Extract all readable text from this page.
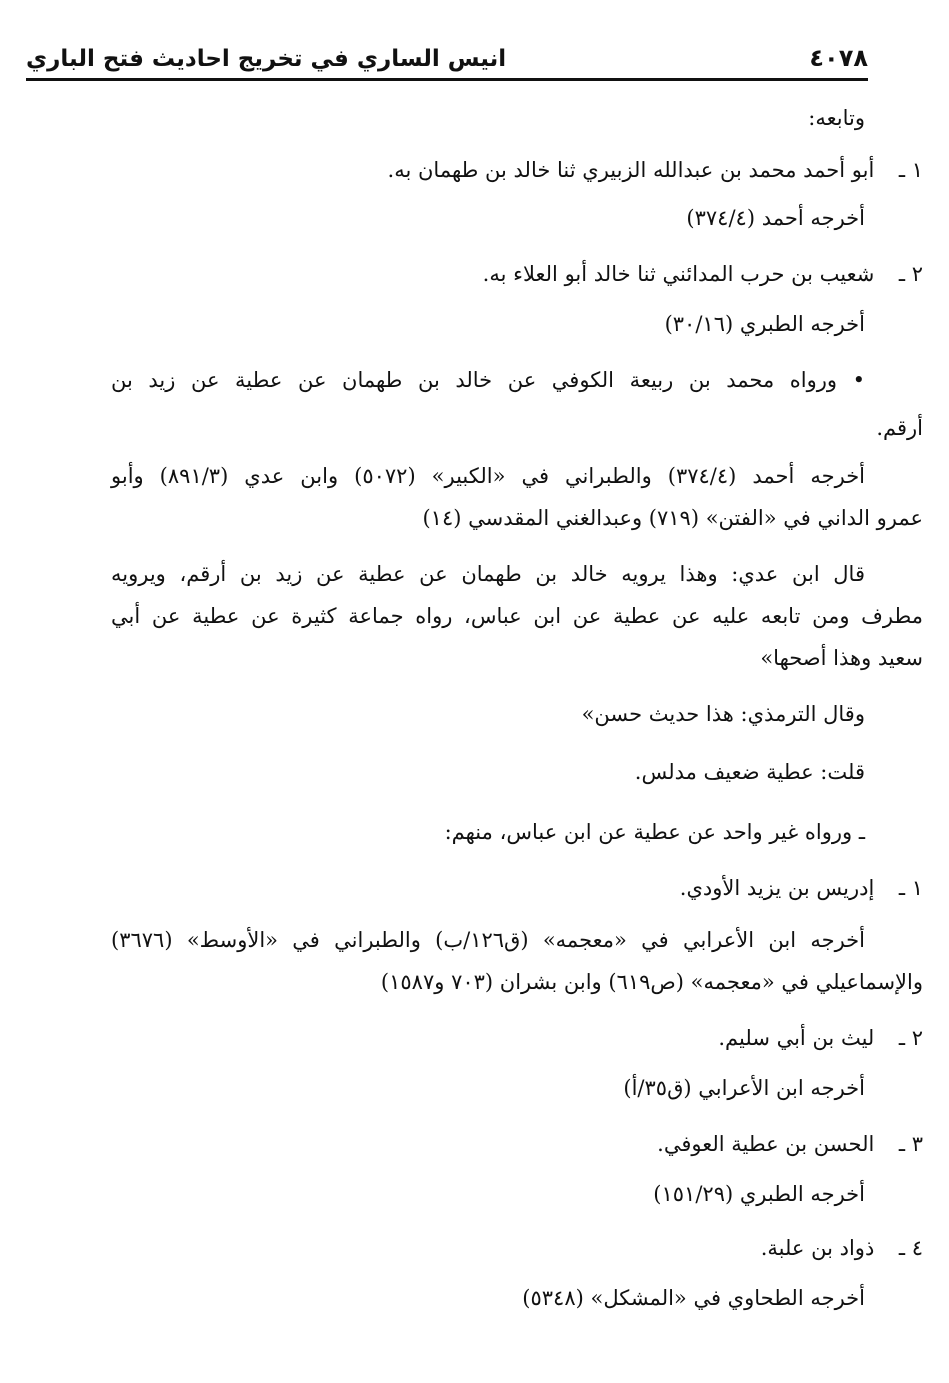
انيس الساري في تخريج احاديث فتح الباري	٤٠٧٨
وتابعه:
١ ـ أبو أحمد محمد بن عبدالله الزبيري ثنا خالد بن طهمان به.
أخرجه أحمد (٣٧٤/٤)
٢ ـ شعيب بن حرب المدائني ثنا خالد أبو العلاء به.
أخرجه الطبري (٣٠/١٦)
• ورواه محمد بن ربيعة الكوفي عن خالد بن طهمان عن عطية عن زيد بن
أرقم.
أخرجه أحمد (٣٧٤/٤) والطبراني في «الكبير» (٥٠٧٢) وابن عدي (٨٩١/٣) وأبو
عمرو الداني في «الفتن» (٧١٩) وعبدالغني المقدسي (١٤)
قال ابن عدي: وهذا يرويه خالد بن طهمان عن عطية عن زيد بن أرقم، ويرويه
مطرف ومن تابعه عليه عن عطية عن ابن عباس، رواه جماعة كثيرة عن عطية عن أبي
سعيد وهذا أصحها»
وقال الترمذي: هذا حديث حسن»
قلت: عطية ضعيف مدلس.
ـ ورواه غير واحد عن عطية عن ابن عباس، منهم:
١ ـ إدريس بن يزيد الأودي.
أخرجه ابن الأعرابي في «معجمه» (ق١٢٦/ب) والطبراني في «الأوسط» (٣٦٧٦)
والإسماعيلي في «معجمه» (ص٦١٩) وابن بشران (٧٠٣ و١٥٨٧)
٢ ـ ليث بن أبي سليم.
أخرجه ابن الأعرابي (ق٣٥/أ)
٣ ـ الحسن بن عطية العوفي.
أخرجه الطبري (١٥١/٢٩)
٤ ـ ذواد بن علبة.
أخرجه الطحاوي في «المشكل» (٥٣٤٨)
